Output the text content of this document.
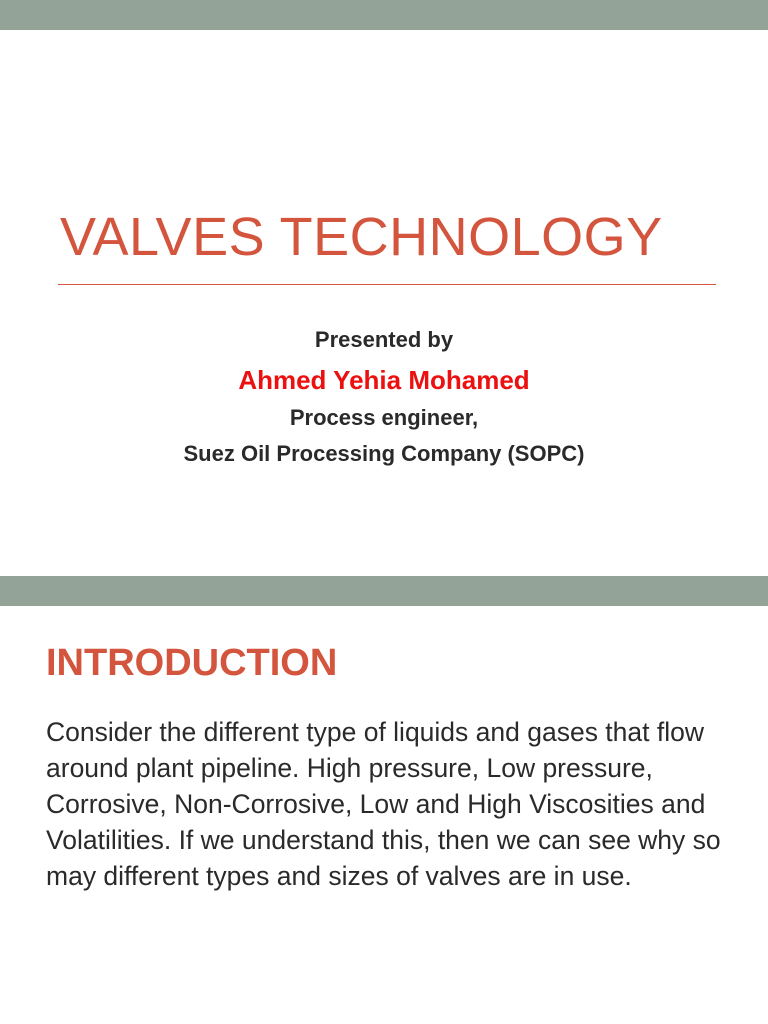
VALVES TECHNOLOGY
Presented by
Ahmed Yehia Mohamed
Process engineer,
Suez Oil Processing Company (SOPC)
INTRODUCTION

Consider the different type of liquids and gases that flow around plant pipeline. High pressure, Low pressure, Corrosive, Non-Corrosive, Low and High Viscosities and Volatilities. If we understand this, then we can see why so may different types and sizes of valves are in use.
